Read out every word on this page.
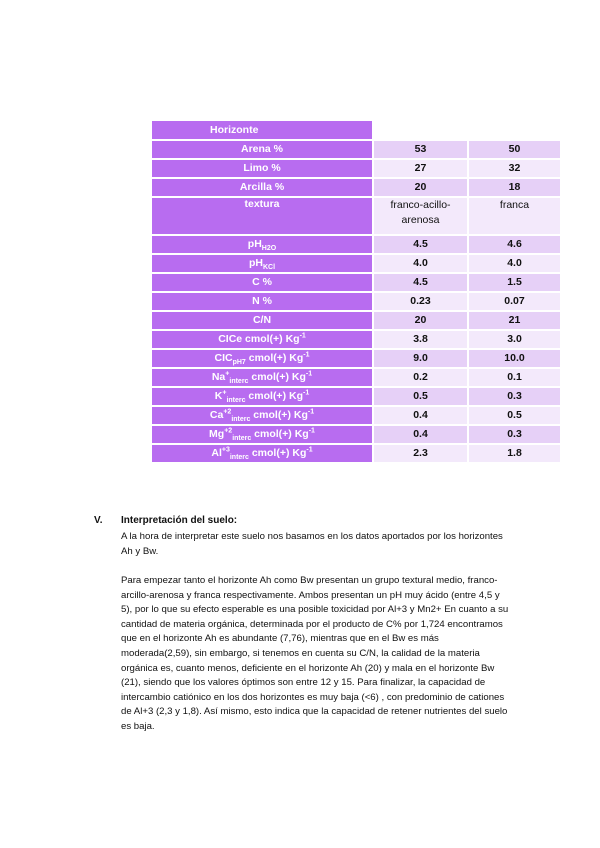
Horizonte		
Arena %	53	50
Limo %	27	32
Arcilla %	20	18
textura	franco-acillo-arenosa	franca
$pH_{H2O}$	4.5	4.6
$pH_{KCl}$	4.0	4.0
C %	4.5	1.5
N %	0.23	0.07
C/N	20	21
CICe cmol(+) $Kg^{-1}$	3.8	3.0
$CIC_{pH7}$ cmol(+) $Kg^{-1}$	9.0	10.0
$Na^+_{interc}$ cmol(+) $Kg^{-1}$	0.2	0.1
$K^+_{interc}$ cmol(+) $Kg^{-1}$	0.5	0.3
$Ca^{+2}_{interc}$ cmol(+) $Kg^{-1}$	0.4	0.5
$Mg^{+2}_{interc}$ cmol(+) $Kg^{-1}$	0.4	0.3
$Al^{+3}_{interc}$ cmol(+) $Kg^{-1}$	2.3	1.8
V. Interpretación del suelo:

A la hora de interpretar este suelo nos basamos en los datos aportados por los horizontes Ah y Bw.

Para empezar tanto el horizonte Ah como Bw presentan un grupo textural medio, franco-arcillo-arenosa y franca respectivamente. Ambos presentan un pH muy ácido (entre 4,5 y 5), por lo que su efecto esperable es una posible toxicidad por Al+3 y Mn2+ En cuanto a su cantidad de materia orgánica, determinada por el producto de C% por 1,724 encontramos que en el horizonte Ah es abundante (7,76), mientras que en el Bw es más moderada(2,59), sin embargo, si tenemos en cuenta su C/N, la calidad de la materia orgánica es, cuanto menos, deficiente en el horizonte Ah (20) y mala en el horizonte Bw (21), siendo que los valores óptimos son entre 12 y 15. Para finalizar, la capacidad de intercambio catiónico en los dos horizontes es muy baja (<6) , con predominio de cationes de Al+3 (2,3 y 1,8). Así mismo, esto indica que la capacidad de retener nutrientes del suelo es baja.
